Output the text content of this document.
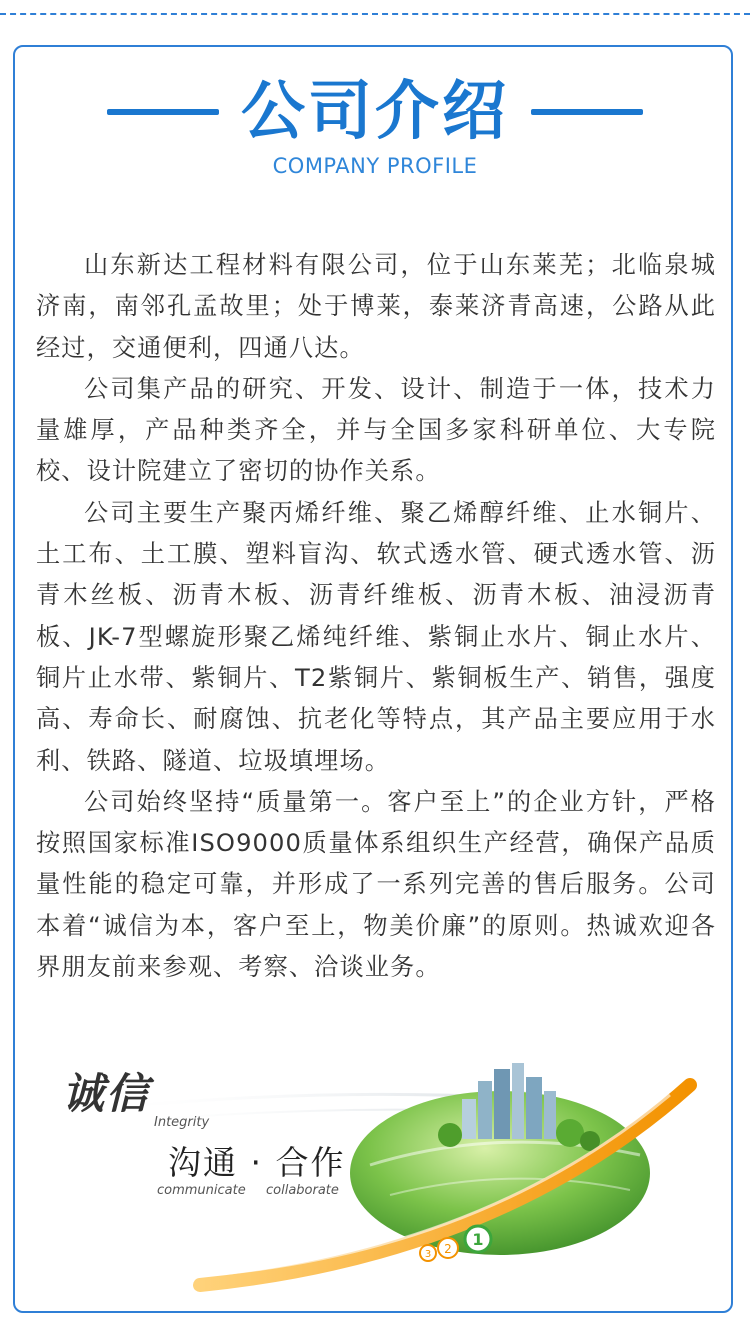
公司介绍
COMPANY PROFILE

山东新达工程材料有限公司，位于山东莱芜；北临泉城济南，南邻孔孟故里；处于博莱，泰莱济青高速，公路从此经过，交通便利，四通八达。

公司集产品的研究、开发、设计、制造于一体，技术力量雄厚，产品种类齐全，并与全国多家科研单位、大专院校、设计院建立了密切的协作关系。

公司主要生产聚丙烯纤维、聚乙烯醇纤维、止水铜片、土工布、土工膜、塑料盲沟、软式透水管、硬式透水管、沥青木丝板、沥青木板、沥青纤维板、沥青木板、油浸沥青板、JK-7型螺旋形聚乙烯纯纤维、紫铜止水片、铜止水片、铜片止水带、紫铜片、T2紫铜片、紫铜板生产、销售，强度高、寿命长、耐腐蚀、抗老化等特点，其产品主要应用于水利、铁路、隧道、垃圾填埋场。

公司始终坚持“质量第一。客户至上”的企业方针，严格按照国家标准ISO9000质量体系组织生产经营，确保产品质量性能的稳定可靠，并形成了一系列完善的售后服务。公司本着“诚信为本，客户至上，物美价廉”的原则。热诚欢迎各界朋友前来参观、考察、洽谈业务。

3 2 1
诚信
Integrity
沟通 · 合作
communicate collaborate
